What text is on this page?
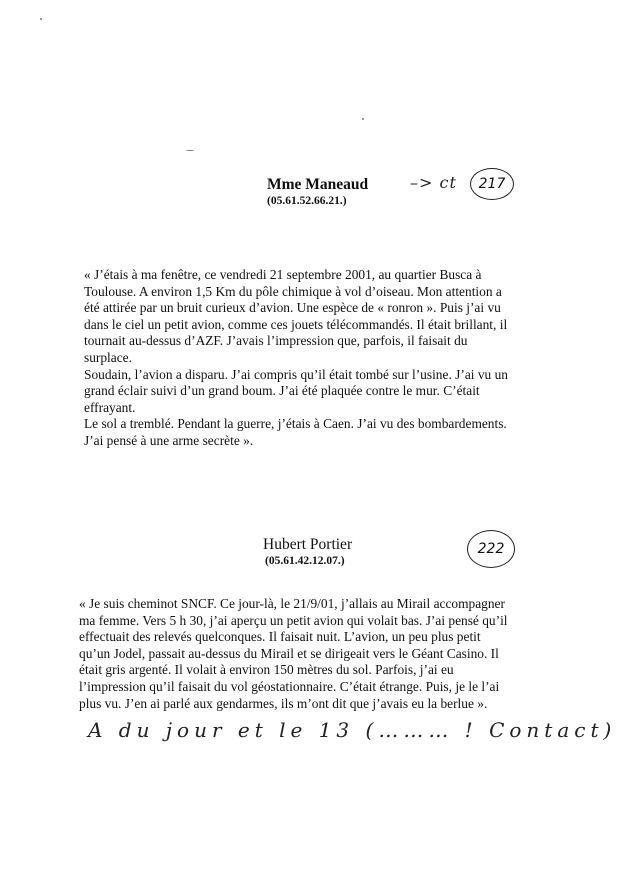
Mme Maneaud
(05.61.52.66.21.)
–> ct	217
« J’étais à ma fenêtre, ce vendredi 21 septembre 2001, au quartier Busca à
Toulouse. A environ 1,5 Km du pôle chimique à vol d’oiseau. Mon attention a
été attirée par un bruit curieux d’avion. Une espèce de « ronron ». Puis j’ai vu
dans le ciel un petit avion, comme ces jouets télécommandés. Il était brillant, il
tournait au-dessus d’AZF. J’avais l’impression que, parfois, il faisait du
surplace.
Soudain, l’avion a disparu. J’ai compris qu’il était tombé sur l’usine. J’ai vu un
grand éclair suivi d’un grand boum. J’ai été plaquée contre le mur. C’était
effrayant.
Le sol a tremblé. Pendant la guerre, j’étais à Caen. J’ai vu des bombardements.
J’ai pensé à une arme secrète ».
Hubert Portier
(05.61.42.12.07.)
222
« Je suis cheminot SNCF. Ce jour-là, le 21/9/01, j’allais au Mirail accompagner
ma femme. Vers 5 h 30, j’ai aperçu un petit avion qui volait bas. J’ai pensé qu’il
effectuait des relevés quelconques. Il faisait nuit. L’avion, un peu plus petit
qu’un Jodel, passait au-dessus du Mirail et se dirigeait vers le Géant Casino. Il
était gris argenté. Il volait à environ 150 mètres du sol. Parfois, j’ai eu
l’impression qu’il faisait du vol géostationnaire. C’était étrange. Puis, je le l’ai
plus vu. J’en ai parlé aux gendarmes, ils m’ont dit que j’avais eu la berlue ».
A du jour et le 13 (……… ! Contact)
